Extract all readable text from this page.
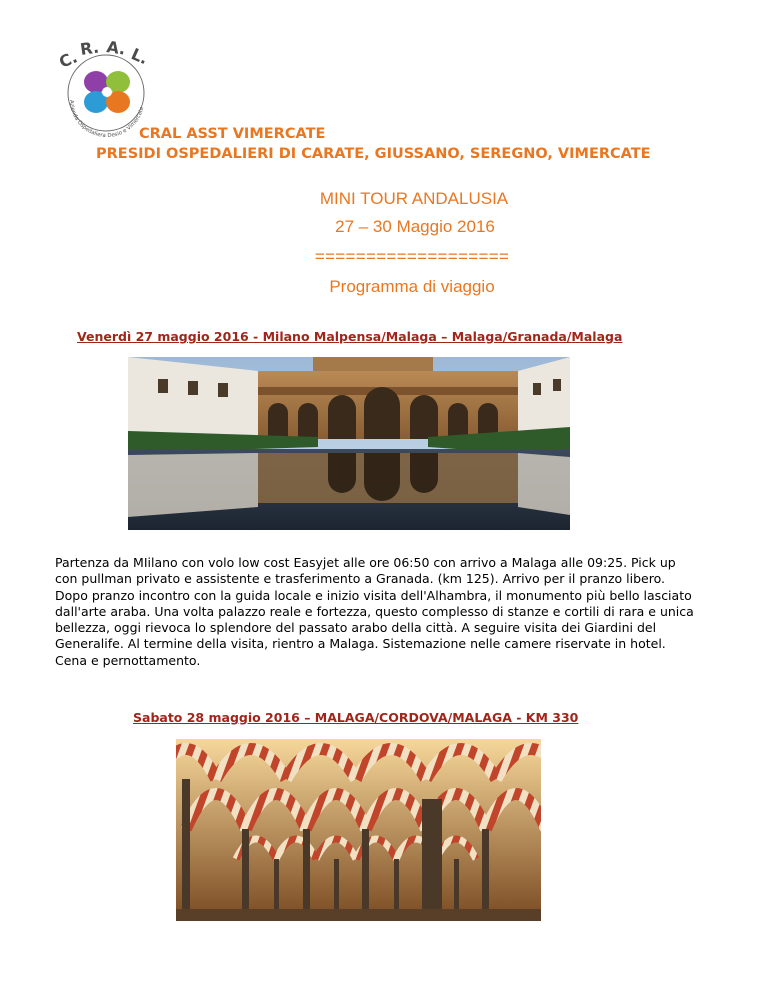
C.
R. A. L.
Azienda Ospedaliera Desio e Vimercate
CRAL ASST VIMERCATE
PRESIDI OSPEDALIERI DI CARATE, GIUSSANO, SEREGNO, VIMERCATE
MINI TOUR ANDALUSIA
27 – 30 Maggio 2016
===================
Programma di viaggio
Venerdì 27 maggio 2016 - Milano Malpensa/Malaga – Malaga/Granada/Malaga
Partenza da MIilano con volo low cost Easyjet alle ore 06:50 con arrivo a Malaga alle 09:25. Pick up con pullman privato e assistente e trasferimento a Granada. (km 125). Arrivo per il pranzo libero. Dopo pranzo incontro con la guida locale e inizio visita dell'Alhambra, il monumento più bello lasciato dall'arte araba. Una volta palazzo reale e fortezza, questo complesso di stanze e cortili di rara e unica bellezza, oggi rievoca lo splendore del passato arabo della città. A seguire visita dei Giardini del Generalife. Al termine della visita, rientro a Malaga. Sistemazione nelle camere riservate in hotel. Cena e pernottamento.
Sabato 28 maggio 2016 – MALAGA/CORDOVA/MALAGA - KM 330
